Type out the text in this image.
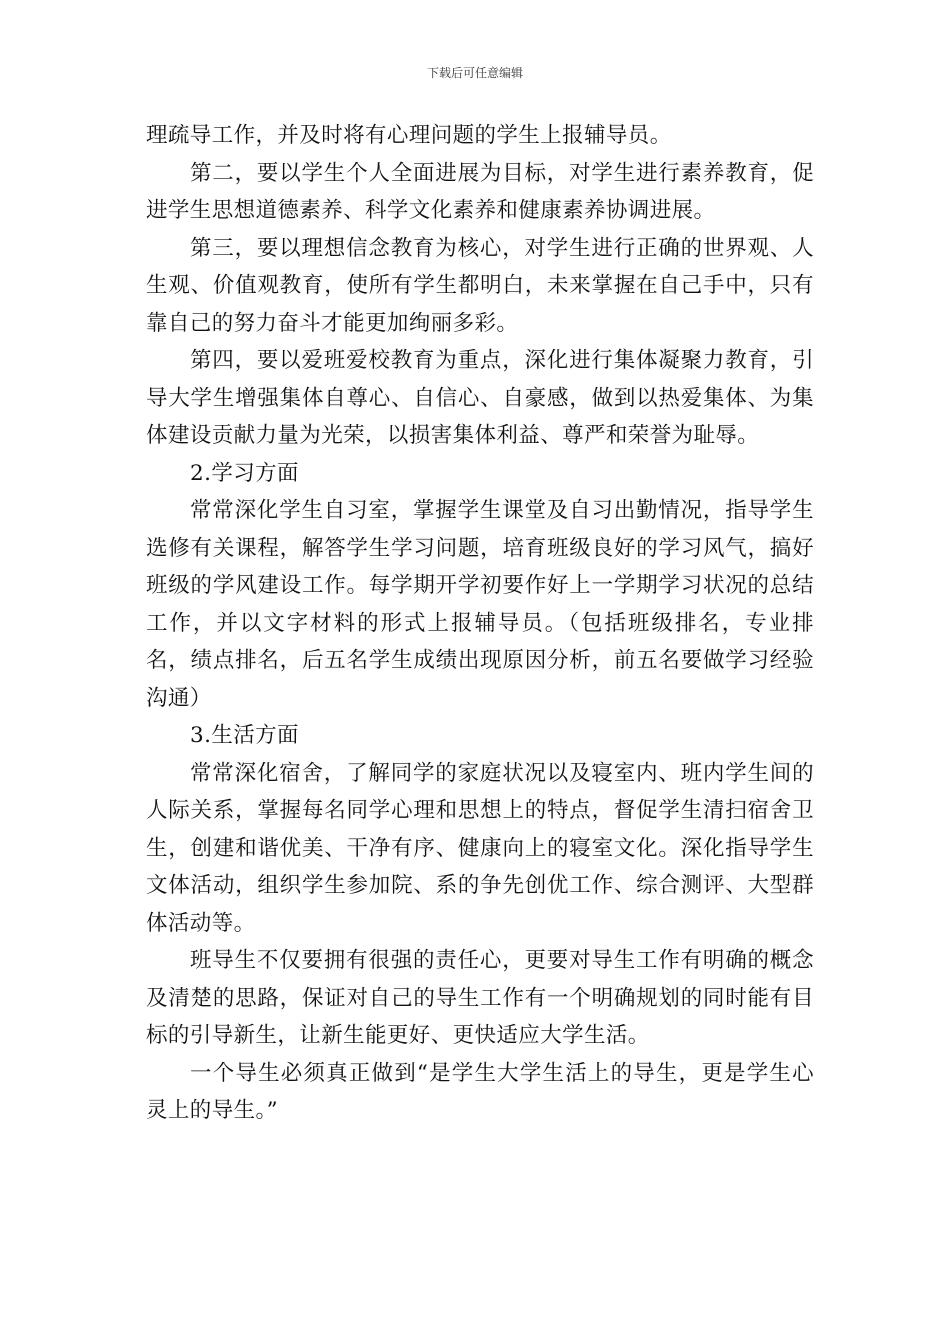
下载后可任意编辑

理疏导工作，并及时将有心理问题的学生上报辅导员。

第二，要以学生个人全面进展为目标，对学生进行素养教育，促进学生思想道德素养、科学文化素养和健康素养协调进展。

第三，要以理想信念教育为核心，对学生进行正确的世界观、人生观、价值观教育，使所有学生都明白，未来掌握在自己手中，只有靠自己的努力奋斗才能更加绚丽多彩。

第四，要以爱班爱校教育为重点，深化进行集体凝聚力教育，引导大学生增强集体自尊心、自信心、自豪感，做到以热爱集体、为集体建设贡献力量为光荣，以损害集体利益、尊严和荣誉为耻辱。

2.学习方面

常常深化学生自习室，掌握学生课堂及自习出勤情况，指导学生选修有关课程，解答学生学习问题，培育班级良好的学习风气，搞好班级的学风建设工作。每学期开学初要作好上一学期学习状况的总结工作，并以文字材料的形式上报辅导员。（包括班级排名，专业排名，绩点排名，后五名学生成绩出现原因分析，前五名要做学习经验沟通）

3.生活方面

常常深化宿舍，了解同学的家庭状况以及寝室内、班内学生间的人际关系，掌握每名同学心理和思想上的特点，督促学生清扫宿舍卫生，创建和谐优美、干净有序、健康向上的寝室文化。深化指导学生文体活动，组织学生参加院、系的争先创优工作、综合测评、大型群体活动等。

班导生不仅要拥有很强的责任心，更要对导生工作有明确的概念及清楚的思路，保证对自己的导生工作有一个明确规划的同时能有目标的引导新生，让新生能更好、更快适应大学生活。

一个导生必须真正做到“是学生大学生活上的导生，更是学生心灵上的导生。”
